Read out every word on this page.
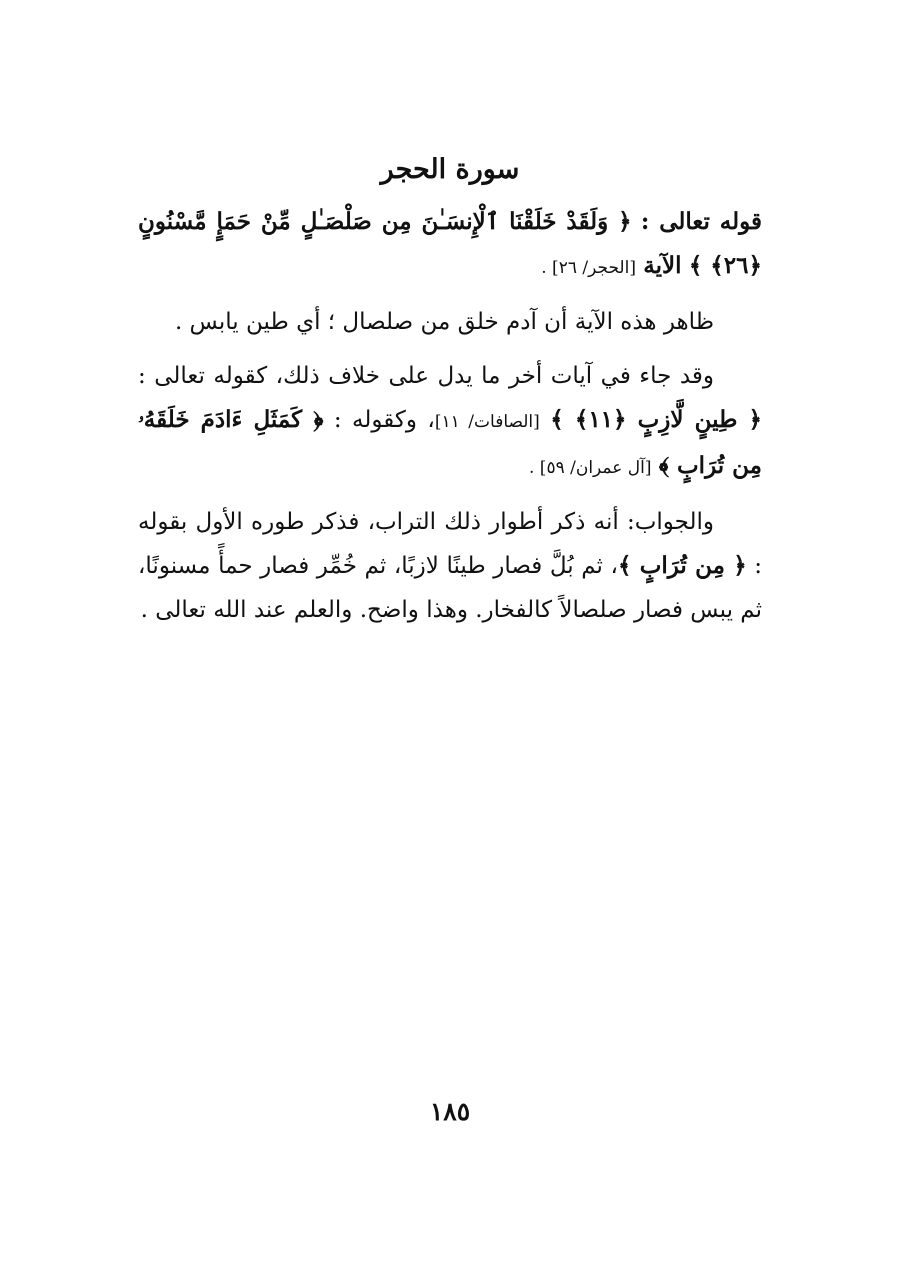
سورة الحجر

قوله تعالى : ﴿ وَلَقَدْ خَلَقْنَا ٱلْإِنسَـٰنَ مِن صَلْصَـٰلٍ مِّنْ حَمَإٍ مَّسْنُونٍ ﴿٢٦﴾ ﴾ الآية [الحجر/ ٢٦] .

ظاهر هذه الآية أن آدم خلق من صلصال ؛ أي طين يابس .

وقد جاء في آيات أخر ما يدل على خلاف ذلك، كقوله تعالى : ﴿ طِينٍ لَّازِبٍ ﴿١١﴾ ﴾ [الصافات/ ١١]، وكقوله : ﴿ كَمَثَلِ ءَادَمَ خَلَقَهُۥ مِن تُرَابٍ ﴾ [آل عمران/ ٥٩] .

والجواب: أنه ذكر أطوار ذلك التراب، فذكر طوره الأول بقوله : ﴿ مِن تُرَابٍ ﴾، ثم بُلَّ فصار طينًا لازبًا، ثم خُمِّر فصار حمأً مسنونًا، ثم يبس فصار صلصالاً كالفخار. وهذا واضح. والعلم عند الله تعالى .

١٨٥
